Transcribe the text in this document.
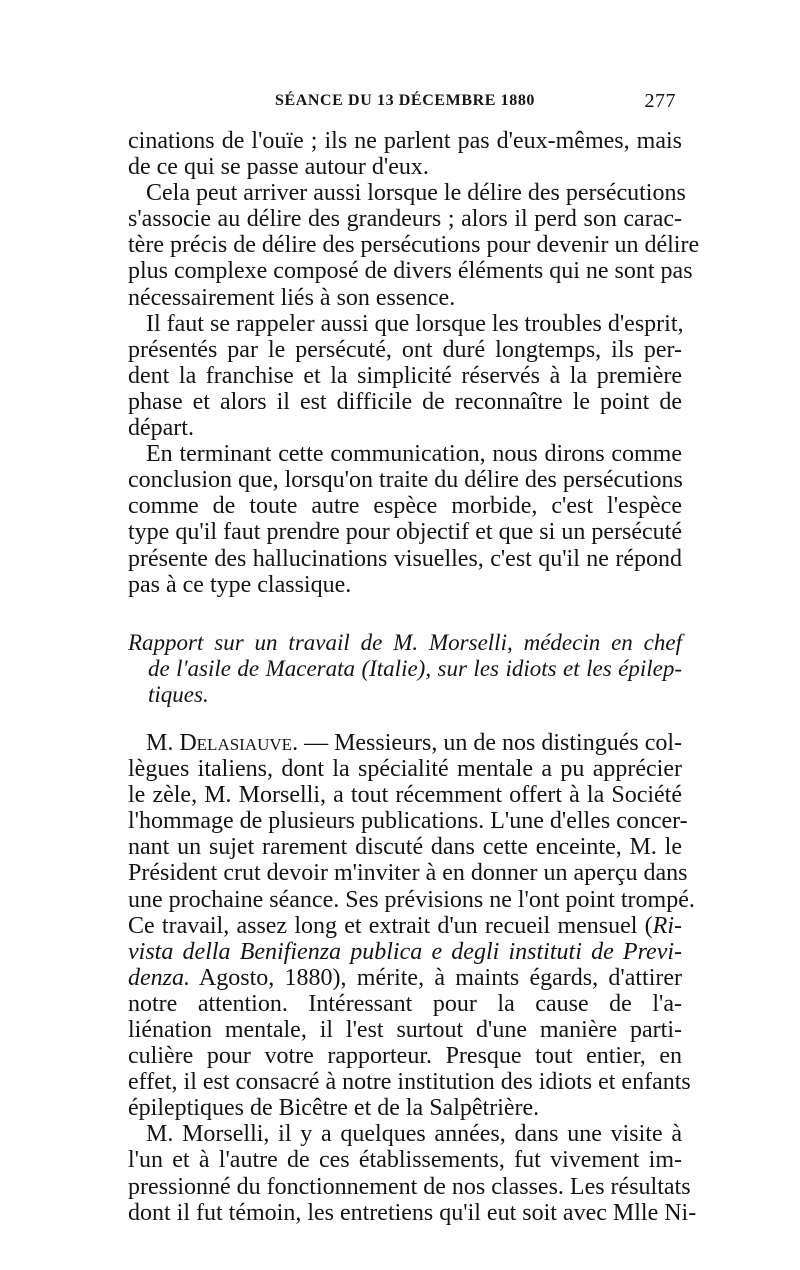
SÉANCE DU 13 DÉCEMBRE 1880	277
cinations de l'ouïe ; ils ne parlent pas d'eux-mêmes, mais
de ce qui se passe autour d'eux.
Cela peut arriver aussi lorsque le délire des persécutions
s'associe au délire des grandeurs ; alors il perd son carac-
tère précis de délire des persécutions pour devenir un délire
plus complexe composé de divers éléments qui ne sont pas
nécessairement liés à son essence.
Il faut se rappeler aussi que lorsque les troubles d'esprit,
présentés par le persécuté, ont duré longtemps, ils per-
dent la franchise et la simplicité réservés à la première
phase et alors il est difficile de reconnaître le point de
départ.
En terminant cette communication, nous dirons comme
conclusion que, lorsqu'on traite du délire des persécutions
comme de toute autre espèce morbide, c'est l'espèce
type qu'il faut prendre pour objectif et que si un persécuté
présente des hallucinations visuelles, c'est qu'il ne répond
pas à ce type classique.
Rapport sur un travail de M. Morselli, médecin en chef
de l'asile de Macerata (Italie), sur les idiots et les épilep-
tiques.
M. Delasiauve. — Messieurs, un de nos distingués col-
lègues italiens, dont la spécialité mentale a pu apprécier
le zèle, M. Morselli, a tout récemment offert à la Société
l'hommage de plusieurs publications. L'une d'elles concer-
nant un sujet rarement discuté dans cette enceinte, M. le
Président crut devoir m'inviter à en donner un aperçu dans
une prochaine séance. Ses prévisions ne l'ont point trompé.
Ce travail, assez long et extrait d'un recueil mensuel (Ri-
vista della Benifienza publica e degli instituti de Previ-
denza. Agosto, 1880), mérite, à maints égards, d'attirer
notre attention. Intéressant pour la cause de l'a-
liénation mentale, il l'est surtout d'une manière parti-
culière pour votre rapporteur. Presque tout entier, en
effet, il est consacré à notre institution des idiots et enfants
épileptiques de Bicêtre et de la Salpêtrière.
M. Morselli, il y a quelques années, dans une visite à
l'un et à l'autre de ces établissements, fut vivement im-
pressionné du fonctionnement de nos classes. Les résultats
dont il fut témoin, les entretiens qu'il eut soit avec Mlle Ni-
